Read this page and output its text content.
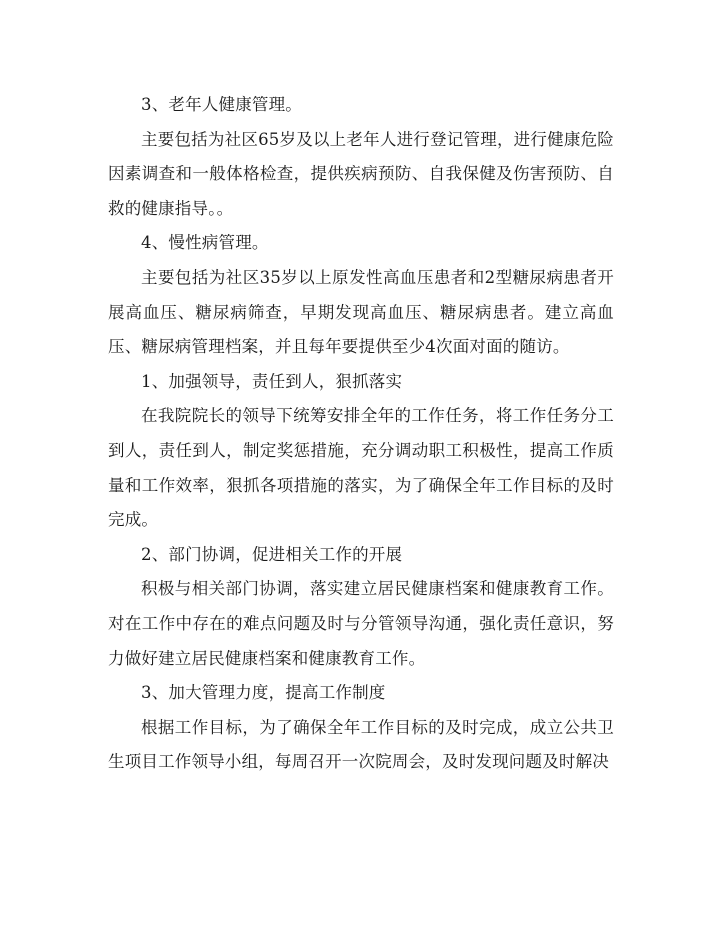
3、老年人健康管理。

主要包括为社区65岁及以上老年人进行登记管理，进行健康危险因素调查和一般体格检查，提供疾病预防、自我保健及伤害预防、自救的健康指导。。

4、慢性病管理。

主要包括为社区35岁以上原发性高血压患者和2型糖尿病患者开展高血压、糖尿病筛查，早期发现高血压、糖尿病患者。建立高血压、糖尿病管理档案，并且每年要提供至少4次面对面的随访。

1、加强领导，责任到人，狠抓落实

在我院院长的领导下统筹安排全年的工作任务，将工作任务分工到人，责任到人，制定奖惩措施，充分调动职工积极性，提高工作质量和工作效率，狠抓各项措施的落实，为了确保全年工作目标的及时完成。

2、部门协调，促进相关工作的开展

积极与相关部门协调，落实建立居民健康档案和健康教育工作。对在工作中存在的难点问题及时与分管领导沟通，强化责任意识，努力做好建立居民健康档案和健康教育工作。

3、加大管理力度，提高工作制度

根据工作目标，为了确保全年工作目标的及时完成，成立公共卫生项目工作领导小组，每周召开一次院周会，及时发现问题及时解决
